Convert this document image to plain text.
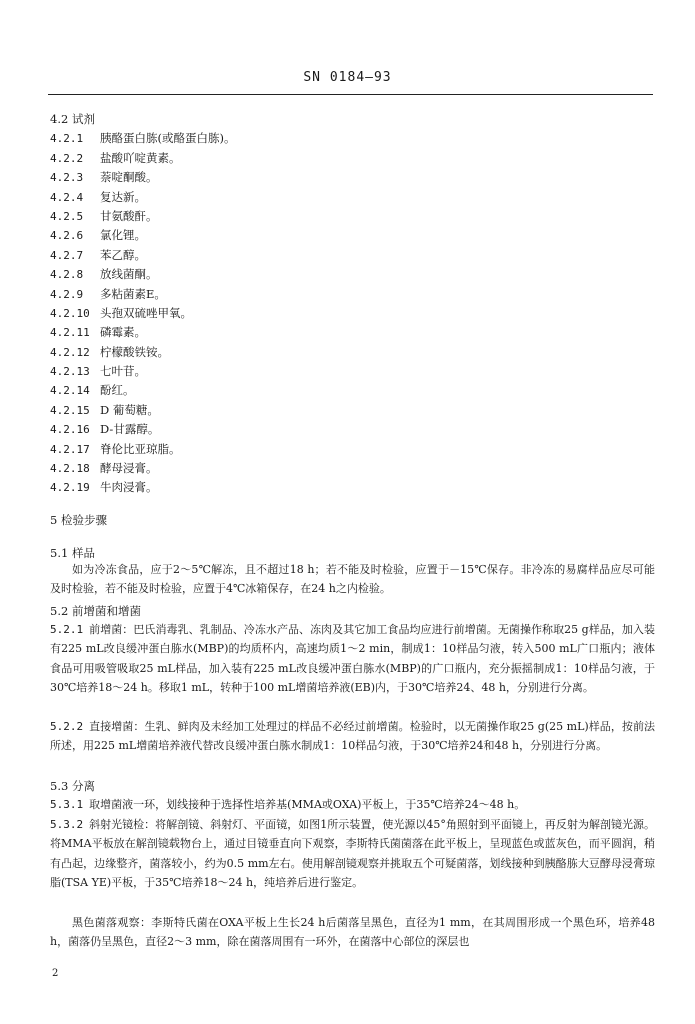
SN 0184—93
4.2 试剂
4.2.1 胰酪蛋白胨(或酪蛋白胨)。
4.2.2 盐酸吖啶黄素。
4.2.3 萘啶酮酸。
4.2.4 复达新。
4.2.5 甘氨酸酐。
4.2.6 氯化锂。
4.2.7 苯乙醇。
4.2.8 放线菌酮。
4.2.9 多粘菌素E。
4.2.10 头孢双硫唑甲氧。
4.2.11 磷霉素。
4.2.12 柠檬酸铁铵。
4.2.13 七叶苷。
4.2.14 酚红。
4.2.15 D 葡萄糖。
4.2.16 D-甘露醇。
4.2.17 脊伦比亚琼脂。
4.2.18 酵母浸膏。
4.2.19 牛肉浸膏。
5 检验步骤
5.1 样品
如为冷冻食品，应于2～5℃解冻，且不超过18 h；若不能及时检验，应置于－15℃保存。非冷冻的易腐样品应尽可能及时检验，若不能及时检验，应置于4℃冰箱保存，在24 h之内检验。
5.2 前增菌和增菌
5.2.1 前增菌：巴氏消毒乳、乳制品、冷冻水产品、冻肉及其它加工食品均应进行前增菌。无菌操作称取25 g样品，加入装有225 mL改良缓冲蛋白胨水(MBP)的均质杯内，高速均质1～2 min，制成1：10样品匀液，转入500 mL广口瓶内；液体食品可用吸管吸取25 mL样品，加入装有225 mL改良缓冲蛋白胨水(MBP)的广口瓶内，充分振摇制成1：10样品匀液，于30℃培养18～24 h。移取1 mL，转种于100 mL增菌培养液(EB)内，于30℃培养24、48 h，分别进行分离。
5.2.2 直接增菌：生乳、鲜肉及未经加工处理过的样品不必经过前增菌。检验时，以无菌操作取25 g(25 mL)样品，按前法所述，用225 mL增菌培养液代替改良缓冲蛋白胨水制成1：10样品匀液，于30℃培养24和48 h，分别进行分离。
5.3 分离
5.3.1 取增菌液一环，划线接种于选择性培养基(MMA或OXA)平板上，于35℃培养24～48 h。
5.3.2 斜射光镜检：将解剖镜、斜射灯、平面镜，如图1所示装置，使光源以45°角照射到平面镜上，再反射为解剖镜光源。将MMA平板放在解剖镜载物台上，通过目镜垂直向下观察，李斯特氏菌菌落在此平板上，呈现蓝色或蓝灰色，而平圆润，稍有凸起，边缘整齐，菌落较小，约为0.5 mm左右。使用解剖镜观察并挑取五个可疑菌落，划线接种到胰酪胨大豆酵母浸膏琼脂(TSA YE)平板，于35℃培养18～24 h，纯培养后进行鉴定。
黑色菌落观察：李斯特氏菌在OXA平板上生长24 h后菌落呈黑色，直径为1 mm，在其周围形成一个黑色环，培养48 h，菌落仍呈黑色，直径2～3 mm，除在菌落周围有一环外，在菌落中心部位的深层也
2
